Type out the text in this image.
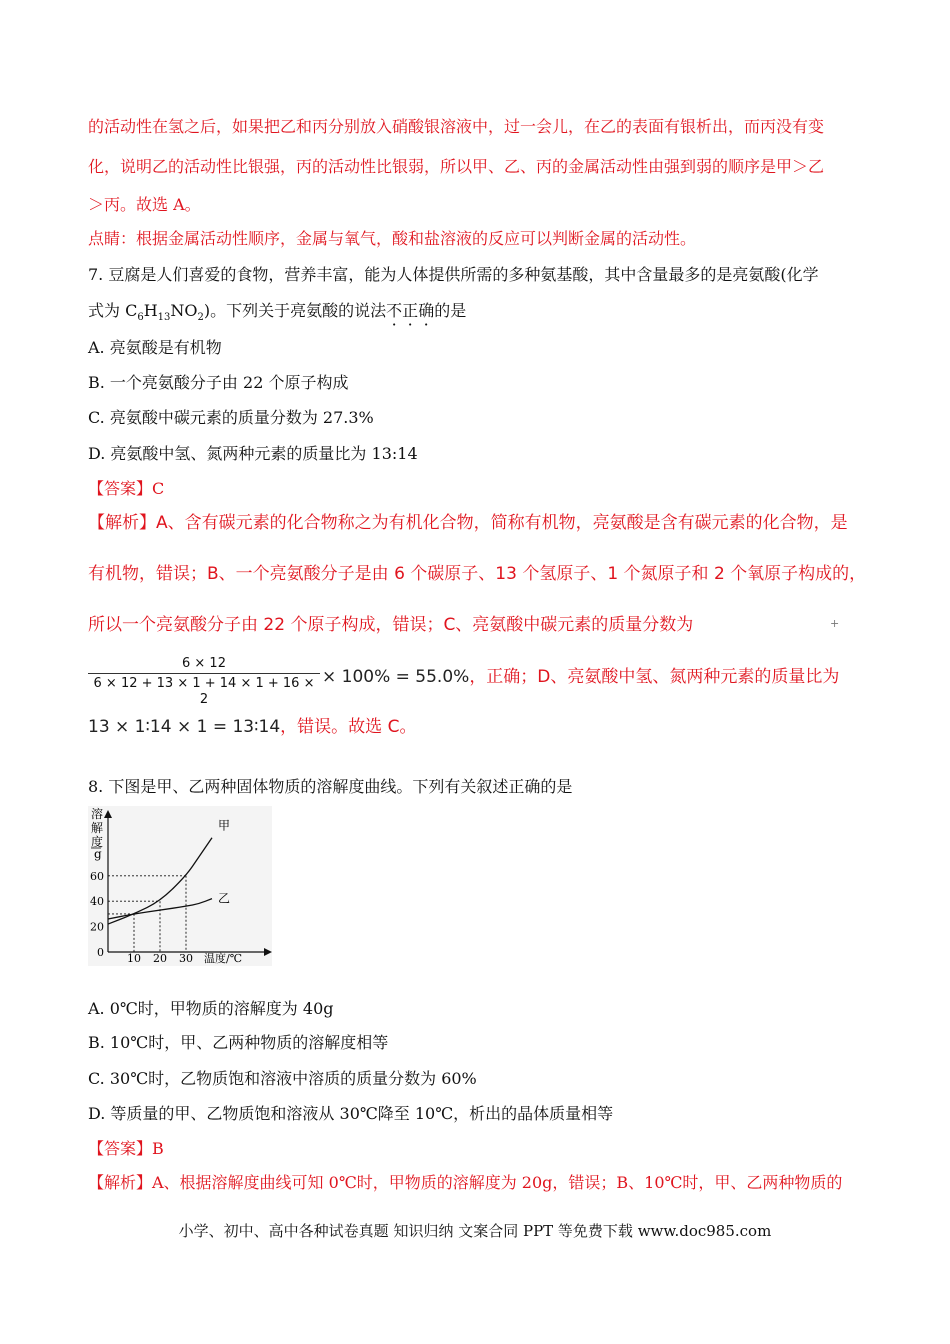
的活动性在氢之后，如果把乙和丙分别放入硝酸银溶液中，过一会儿，在乙的表面有银析出，而丙没有变
化，说明乙的活动性比银强，丙的活动性比银弱，所以甲、乙、丙的金属活动性由强到弱的顺序是甲＞乙
＞丙。故选 A。
点睛：根据金属活动性顺序，金属与氧气，酸和盐溶液的反应可以判断金属的活动性。
7. 豆腐是人们喜爱的食物，营养丰富，能为人体提供所需的多种氨基酸，其中含量最多的是亮氨酸(化学
式为 $C_6H_{13}NO_2$)。下列关于亮氨酸的说法不正确的是
A. 亮氨酸是有机物
B. 一个亮氨酸分子由 22 个原子构成
C. 亮氨酸中碳元素的质量分数为 27.3%
D. 亮氨酸中氢、氮两种元素的质量比为 13:14
【答案】C
【解析】A、含有碳元素的化合物称之为有机化合物，简称有机物，亮氨酸是含有碳元素的化合物，是
有机物，错误；B、一个亮氨酸分子是由 6 个碳原子、13 个氢原子、1 个氮原子和 2 个氧原子构成的，
所以一个亮氨酸分子由 22 个原子构成，错误；C、亮氨酸中碳元素的质量分数为	+
6 × 12
6 × 12 + 13 × 1 + 14 × 1 + 16 × 2
× 100% = 55.0%，正确；D、亮氨酸中氢、氮两种元素的质量比为
13 × 1∶14 × 1 = 13∶14，错误。故选 C。
8. 下图是甲、乙两种固体物质的溶解度曲线。下列有关叙述正确的是
甲
乙
0
20
40
60
10 20 30
溶
解
度
g
温度/℃
A. 0℃时，甲物质的溶解度为 40g
B. 10℃时，甲、乙两种物质的溶解度相等
C. 30℃时，乙物质饱和溶液中溶质的质量分数为 60%
D. 等质量的甲、乙物质饱和溶液从 30℃降至 10℃，析出的晶体质量相等
【答案】B
【解析】A、根据溶解度曲线可知 0℃时，甲物质的溶解度为 20g，错误；B、10℃时，甲、乙两种物质的
小学、初中、高中各种试卷真题 知识归纳 文案合同 PPT 等免费下载 www.doc985.com
